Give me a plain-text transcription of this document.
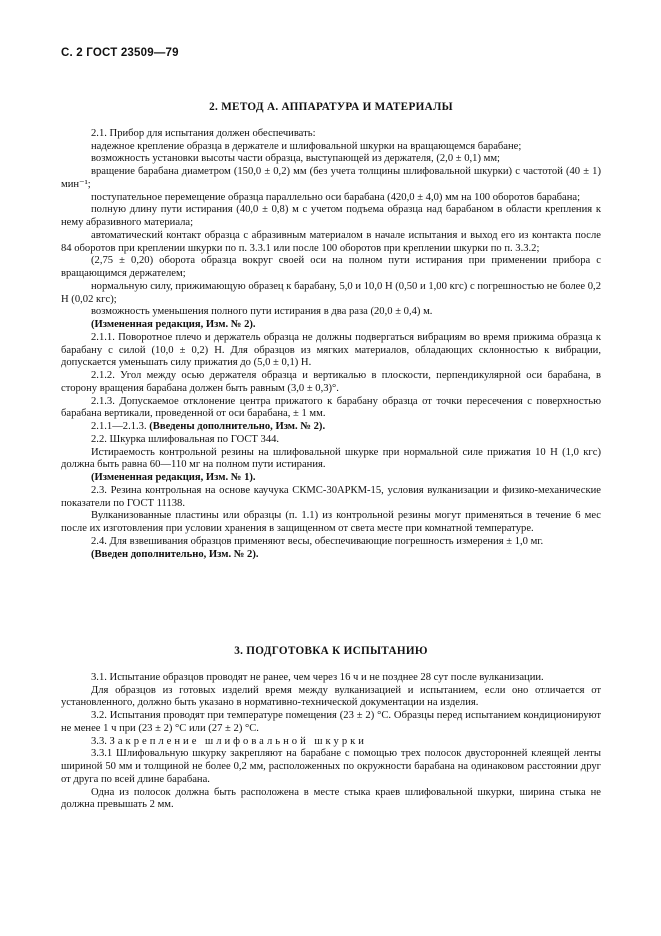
С. 2 ГОСТ 23509—79
2. МЕТОД А. АППАРАТУРА И МАТЕРИАЛЫ

2.1. Прибор для испытания должен обеспечивать:

надежное крепление образца в держателе и шлифовальной шкурки на вращающемся барабане;

возможность установки высоты части образца, выступающей из держателя, (2,0 ± 0,1) мм;

вращение барабана диаметром (150,0 ± 0,2) мм (без учета толщины шлифовальной шкурки) с частотой (40 ± 1) мин⁻¹;

поступательное перемещение образца параллельно оси барабана (420,0 ± 4,0) мм на 100 оборотов барабана;

полную длину пути истирания (40,0 ± 0,8) м с учетом подъема образца над барабаном в области крепления к нему абразивного материала;

автоматический контакт образца с абразивным материалом в начале испытания и выход его из контакта после 84 оборотов при креплении шкурки по п. 3.3.1 или после 100 оборотов при креплении шкурки по п. 3.3.2;

(2,75 ± 0,20) оборота образца вокруг своей оси на полном пути истирания при применении прибора с вращающимся держателем;

нормальную силу, прижимающую образец к барабану, 5,0 и 10,0 Н (0,50 и 1,00 кгс) с погрешностью не более 0,2 Н (0,02 кгс);

возможность уменьшения полного пути истирания в два раза (20,0 ± 0,4) м.

(Измененная редакция, Изм. № 2).

2.1.1. Поворотное плечо и держатель образца не должны подвергаться вибрациям во время прижима образца к барабану с силой (10,0 ± 0,2) Н. Для образцов из мягких материалов, обладающих склонностью к вибрации, допускается уменьшать силу прижатия до (5,0 ± 0,1) Н.

2.1.2. Угол между осью держателя образца и вертикалью в плоскости, перпендикулярной оси барабана, в сторону вращения барабана должен быть равным (3,0 ± 0,3)°.

2.1.3. Допускаемое отклонение центра прижатого к барабану образца от точки пересечения с поверхностью барабана вертикали, проведенной от оси барабана, ± 1 мм.

2.1.1—2.1.3. (Введены дополнительно, Изм. № 2).

2.2. Шкурка шлифовальная по ГОСТ 344.

Истираемость контрольной резины на шлифовальной шкурке при нормальной силе прижатия 10 Н (1,0 кгс) должна быть равна 60—110 мг на полном пути истирания.

(Измененная редакция, Изм. № 1).

2.3. Резина контрольная на основе каучука СКМС-30АРКМ-15, условия вулканизации и физико-механические показатели по ГОСТ 11138.

Вулканизованные пластины или образцы (п. 1.1) из контрольной резины могут применяться в течение 6 мес после их изготовления при условии хранения в защищенном от света месте при комнатной температуре.

2.4. Для взвешивания образцов применяют весы, обеспечивающие погрешность измерения ± 1,0 мг.

(Введен дополнительно, Изм. № 2).

3. ПОДГОТОВКА К ИСПЫТАНИЮ

3.1. Испытание образцов проводят не ранее, чем через 16 ч и не позднее 28 сут после вулканизации.

Для образцов из готовых изделий время между вулканизацией и испытанием, если оно отличается от установленного, должно быть указано в нормативно-технической документации на изделия.

3.2. Испытания проводят при температуре помещения (23 ± 2) °С. Образцы перед испытанием кондиционируют не менее 1 ч при (23 ± 2) °С или (27 ± 2) °С.

3.3. Закрепление шлифовальной шкурки

3.3.1 Шлифовальную шкурку закрепляют на барабане с помощью трех полосок двусторонней клеящей ленты шириной 50 мм и толщиной не более 0,2 мм, расположенных по окружности барабана на одинаковом расстоянии друг от друга по всей длине барабана.

Одна из полосок должна быть расположена в месте стыка краев шлифовальной шкурки, ширина стыка не должна превышать 2 мм.
